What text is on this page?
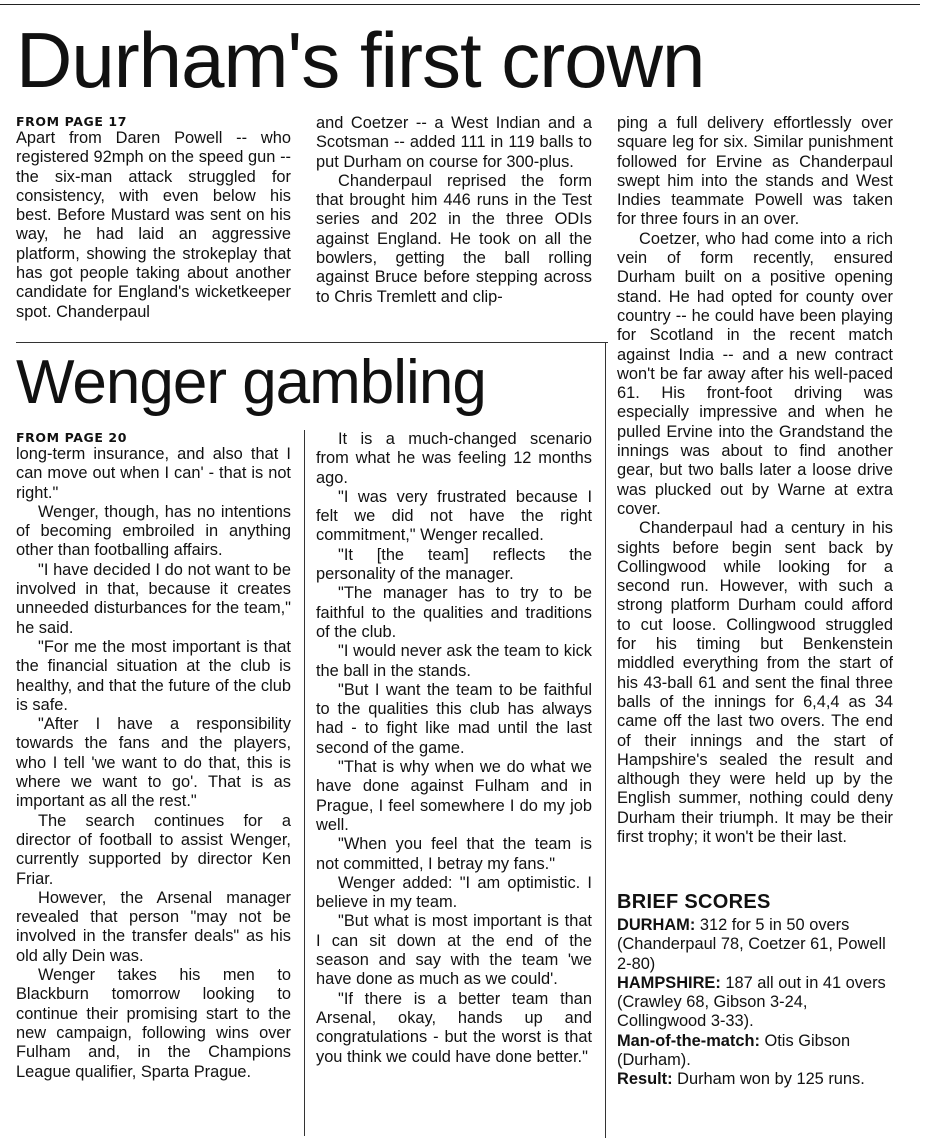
Durham's first crown
FROM PAGE 17

Apart from Daren Powell -- who registered 92mph on the speed gun -- the six-man attack struggled for consistency, with even below his best. Before Mustard was sent on his way, he had laid an aggressive platform, showing the strokeplay that has got people taking about another candidate for England's wicketkeeper spot. Chanderpaul

and Coetzer -- a West Indian and a Scotsman -- added 111 in 119 balls to put Durham on course for 300-plus.

Chanderpaul reprised the form that brought him 446 runs in the Test series and 202 in the three ODIs against England. He took on all the bowlers, getting the ball rolling against Bruce before stepping across to Chris Tremlett and clip-

ping a full delivery effortlessly over square leg for six. Similar punishment followed for Ervine as Chanderpaul swept him into the stands and West Indies teammate Powell was taken for three fours in an over.

Coetzer, who had come into a rich vein of form recently, ensured Durham built on a positive opening stand. He had opted for county over country -- he could have been playing for Scotland in the recent match against India -- and a new contract won't be far away after his well-paced 61. His front-foot driving was especially impressive and when he pulled Ervine into the Grandstand the innings was about to find another gear, but two balls later a loose drive was plucked out by Warne at extra cover.

Chanderpaul had a century in his sights before begin sent back by Collingwood while looking for a second run. However, with such a strong platform Durham could afford to cut loose. Collingwood struggled for his timing but Benkenstein middled everything from the start of his 43-ball 61 and sent the final three balls of the innings for 6,4,4 as 34 came off the last two overs. The end of their innings and the start of Hampshire's sealed the result and although they were held up by the English summer, nothing could deny Durham their triumph. It may be their first trophy; it won't be their last.

BRIEF SCORES

DURHAM: 312 for 5 in 50 overs (Chanderpaul 78, Coetzer 61, Powell 2-80)

HAMPSHIRE: 187 all out in 41 overs (Crawley 68, Gibson 3-24, Collingwood 3-33).

Man-of-the-match: Otis Gibson (Durham).

Result: Durham won by 125 runs.

Wenger gambling
FROM PAGE 20

long-term insurance, and also that I can move out when I can' - that is not right."

Wenger, though, has no intentions of becoming embroiled in anything other than footballing affairs.

"I have decided I do not want to be involved in that, because it creates unneeded disturbances for the team," he said.

"For me the most important is that the financial situation at the club is healthy, and that the future of the club is safe.

"After I have a responsibility towards the fans and the players, who I tell 'we want to do that, this is where we want to go'. That is as important as all the rest."

The search continues for a director of football to assist Wenger, currently supported by director Ken Friar.

However, the Arsenal manager revealed that person "may not be involved in the transfer deals" as his old ally Dein was.

Wenger takes his men to Blackburn tomorrow looking to continue their promising start to the new campaign, following wins over Fulham and, in the Champions League qualifier, Sparta Prague.

It is a much-changed scenario from what he was feeling 12 months ago.

"I was very frustrated because I felt we did not have the right commitment," Wenger recalled.

"It [the team] reflects the personality of the manager.

"The manager has to try to be faithful to the qualities and traditions of the club.

"I would never ask the team to kick the ball in the stands.

"But I want the team to be faithful to the qualities this club has always had - to fight like mad until the last second of the game.

"That is why when we do what we have done against Fulham and in Prague, I feel somewhere I do my job well.

"When you feel that the team is not committed, I betray my fans."

Wenger added: "I am optimistic. I believe in my team.

"But what is most important is that I can sit down at the end of the season and say with the team 'we have done as much as we could'.

"If there is a better team than Arsenal, okay, hands up and congratulations - but the worst is that you think we could have done better."
